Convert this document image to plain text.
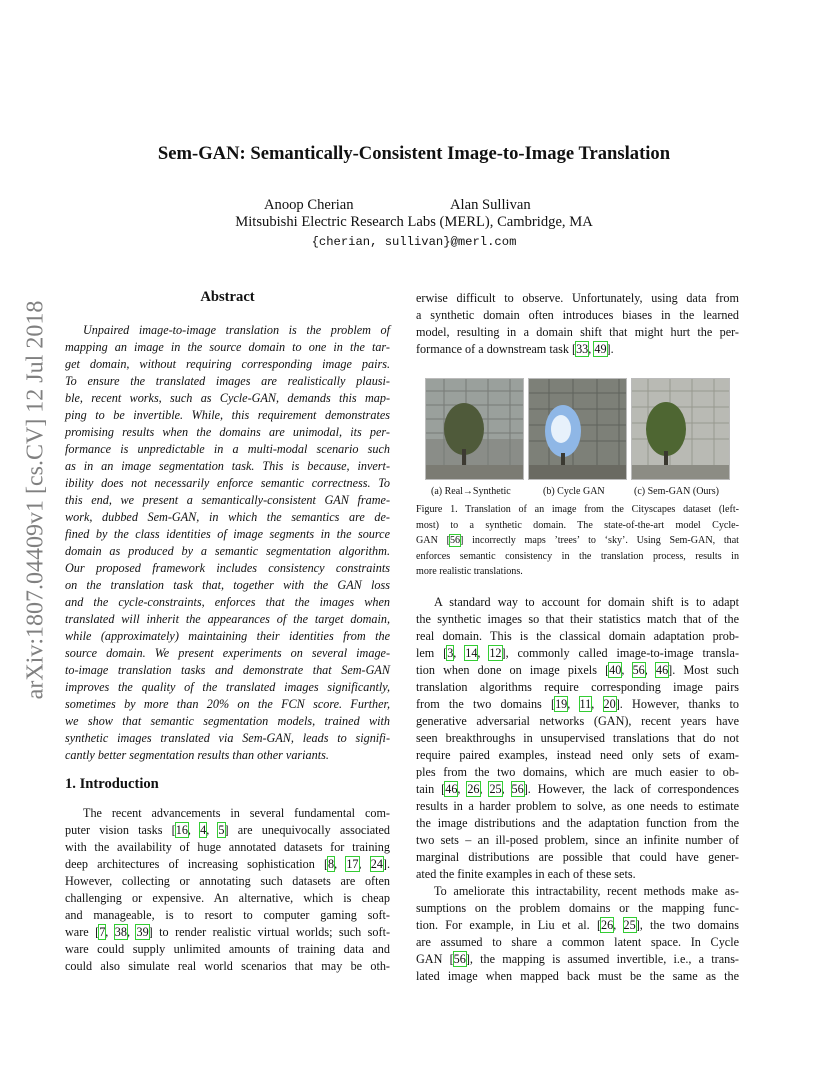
Sem-GAN: Semantically-Consistent Image-to-Image Translation
Anoop Cherian	Alan Sullivan
Mitsubishi Electric Research Labs (MERL), Cambridge, MA
{cherian, sullivan}@merl.com
arXiv:1807.04409v1 [cs.CV] 12 Jul 2018
Abstract
Unpaired image-to-image translation is the problem of
mapping an image in the source domain to one in the tar-
get domain, without requiring corresponding image pairs.
To ensure the translated images are realistically plausi-
ble, recent works, such as Cycle-GAN, demands this map-
ping to be invertible. While, this requirement demonstrates
promising results when the domains are unimodal, its per-
formance is unpredictable in a multi-modal scenario such
as in an image segmentation task. This is because, invert-
ibility does not necessarily enforce semantic correctness. To
this end, we present a semantically-consistent GAN frame-
work, dubbed Sem-GAN, in which the semantics are de-
fined by the class identities of image segments in the source
domain as produced by a semantic segmentation algorithm.
Our proposed framework includes consistency constraints
on the translation task that, together with the GAN loss
and the cycle-constraints, enforces that the images when
translated will inherit the appearances of the target domain,
while (approximately) maintaining their identities from the
source domain. We present experiments on several image-
to-image translation tasks and demonstrate that Sem-GAN
improves the quality of the translated images significantly,
sometimes by more than 20% on the FCN score. Further,
we show that semantic segmentation models, trained with
synthetic images translated via Sem-GAN, leads to signifi-
cantly better segmentation results than other variants.
1. Introduction
The recent advancements in several fundamental com-
puter vision tasks [16, 4, 5] are unequivocally associated
with the availability of huge annotated datasets for training
deep architectures of increasing sophistication [8, 17, 24].
However, collecting or annotating such datasets are often
challenging or expensive. An alternative, which is cheap
and manageable, is to resort to computer gaming soft-
ware [7, 38, 39] to render realistic virtual worlds; such soft-
ware could supply unlimited amounts of training data and
could also simulate real world scenarios that may be oth-
erwise difficult to observe. Unfortunately, using data from
a synthetic domain often introduces biases in the learned
model, resulting in a domain shift that might hurt the per-
formance of a downstream task [33, 49].
(a) Real→Synthetic	(b) Cycle GAN	(c) Sem-GAN (Ours)
Figure 1. Translation of an image from the Cityscapes dataset (left-
most) to a synthetic domain. The state-of-the-art model Cycle-
GAN [56] incorrectly maps ’trees’ to ‘sky’. Using Sem-GAN, that
enforces semantic consistency in the translation process, results in
more realistic translations.
A standard way to account for domain shift is to adapt
the synthetic images so that their statistics match that of the
real domain. This is the classical domain adaptation prob-
lem [3, 14, 12], commonly called image-to-image transla-
tion when done on image pixels [40, 56, 46]. Most such
translation algorithms require corresponding image pairs
from the two domains [19, 11, 20]. However, thanks to
generative adversarial networks (GAN), recent years have
seen breakthroughs in unsupervised translations that do not
require paired examples, instead need only sets of exam-
ples from the two domains, which are much easier to ob-
tain [46, 26, 25, 56]. However, the lack of correspondences
results in a harder problem to solve, as one needs to estimate
the image distributions and the adaptation function from the
two sets – an ill-posed problem, since an infinite number of
marginal distributions are possible that could have gener-
ated the finite examples in each of these sets.
To ameliorate this intractability, recent methods make as-
sumptions on the problem domains or the mapping func-
tion. For example, in Liu et al. [26, 25], the two domains
are assumed to share a common latent space. In Cycle
GAN [56], the mapping is assumed invertible, i.e., a trans-
lated image when mapped back must be the same as the
